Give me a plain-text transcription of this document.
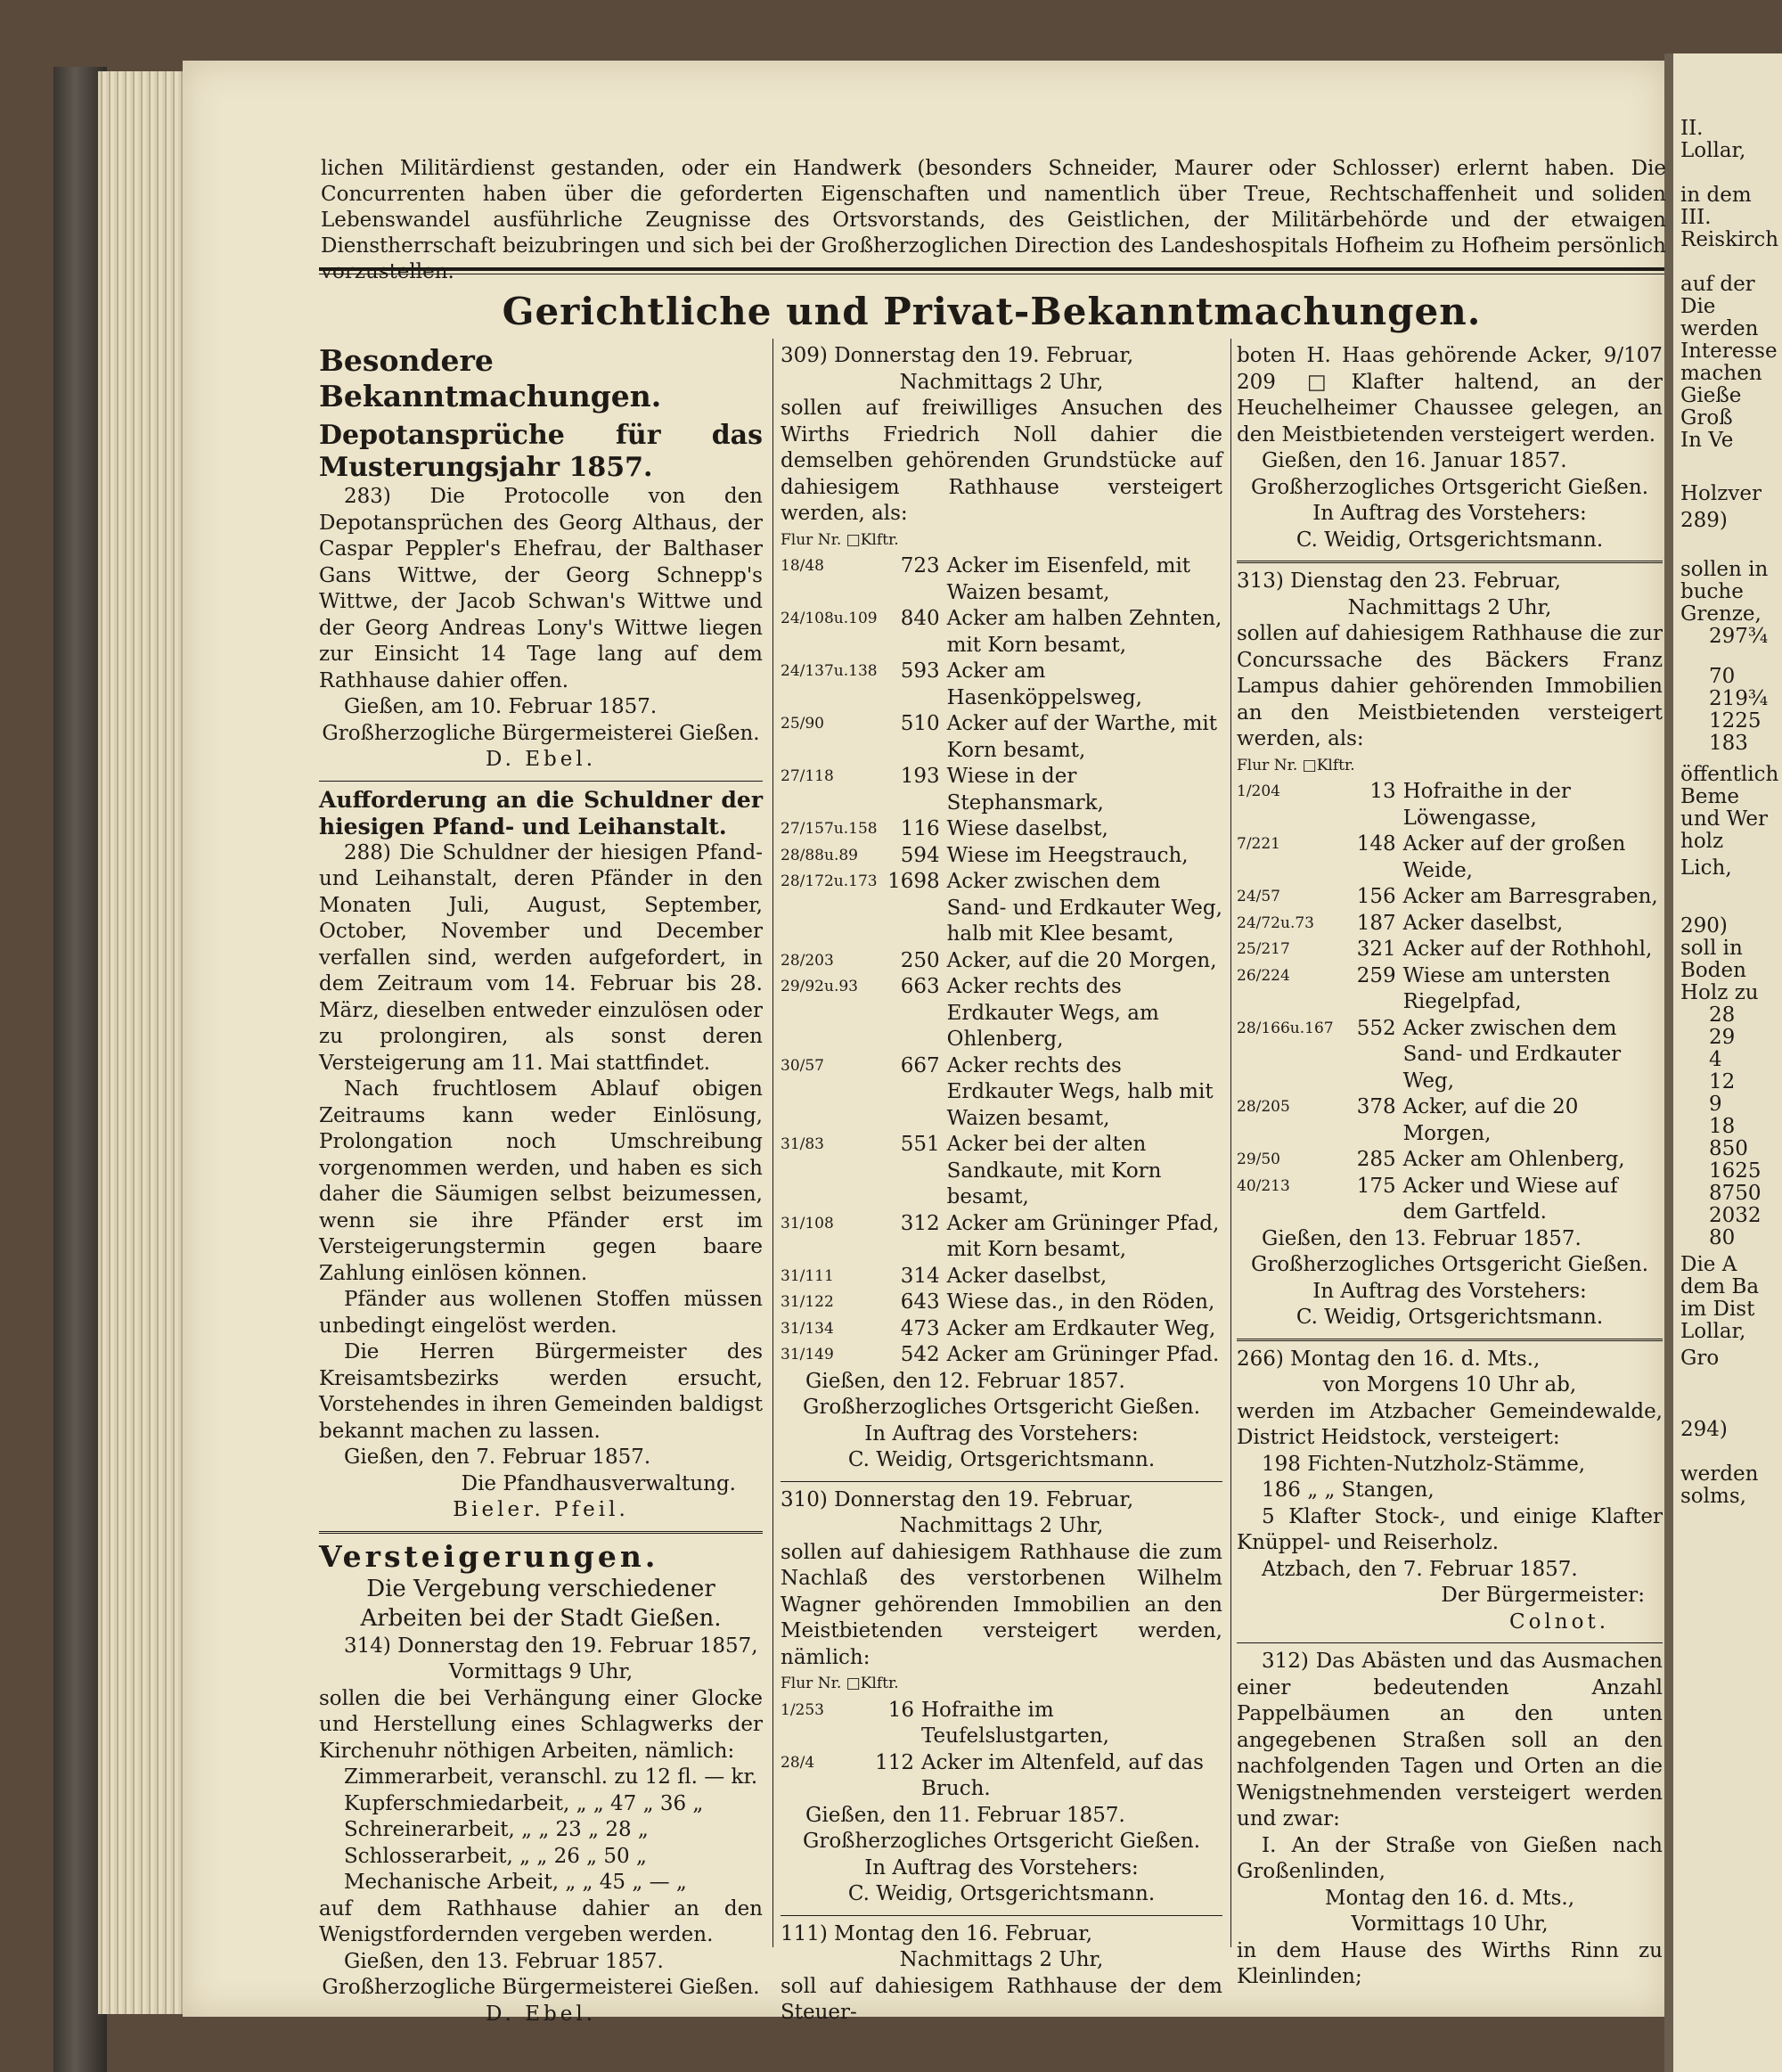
II.
Lollar,
in dem
III.
Reiskirch
auf der
Die
werden
Interesse
machen
Gieße
Groß
In Ve
Holzver
289)
sollen in
buche
Grenze,
297¾
70
219¾
1225
183
öffentlich
Beme
und Wer
holz
Lich,
290)
soll in
Boden
Holz zu
28
29
4
12
9
18
850
1625
8750
2032
80
Die A
dem Ba
im Dist
Lollar,
Gro
294)
werden
solms,
lichen Militärdienst gestanden, oder ein Handwerk (besonders Schneider, Maurer oder Schlosser) erlernt haben. Die Concurrenten haben über die geforderten Eigenschaften und namentlich über Treue, Rechtschaffenheit und soliden Lebenswandel ausführliche Zeugnisse des Ortsvorstands, des Geistlichen, der Militärbehörde und der etwaigen Dienstherrschaft beizubringen und sich bei der Großherzoglichen Direction des Landeshospitals Hofheim zu Hofheim persönlich vorzustellen.
Gerichtliche und Privat-Bekanntmachungen.

Besondere Bekanntmachungen.

Depotansprüche für das Musterungsjahr 1857.

283) Die Protocolle von den Depotansprüchen des Georg Althaus, der Caspar Peppler's Ehefrau, der Balthaser Gans Wittwe, der Georg Schnepp's Wittwe, der Jacob Schwan's Wittwe und der Georg Andreas Lony's Wittwe liegen zur Einsicht 14 Tage lang auf dem Rathhause dahier offen.

Gießen, am 10. Februar 1857.

Großherzogliche Bürgermeisterei Gießen.

D. Ebel.

Aufforderung an die Schuldner der hiesigen Pfand- und Leihanstalt.

288) Die Schuldner der hiesigen Pfand- und Leihanstalt, deren Pfänder in den Monaten Juli, August, September, October, November und December verfallen sind, werden aufgefordert, in dem Zeitraum vom 14. Februar bis 28. März, dieselben entweder einzulösen oder zu prolongiren, als sonst deren Versteigerung am 11. Mai stattfindet.

Nach fruchtlosem Ablauf obigen Zeitraums kann weder Einlösung, Prolongation noch Umschreibung vorgenommen werden, und haben es sich daher die Säumigen selbst beizumessen, wenn sie ihre Pfänder erst im Versteigerungstermin gegen baare Zahlung einlösen können.

Pfänder aus wollenen Stoffen müssen unbedingt eingelöst werden.

Die Herren Bürgermeister des Kreisamtsbezirks werden ersucht, Vorstehendes in ihren Gemeinden baldigst bekannt machen zu lassen.

Gießen, den 7. Februar 1857.

Die Pfandhausverwaltung.

Bieler. Pfeil.

Versteigerungen.

Die Vergebung verschiedener Arbeiten bei der Stadt Gießen.

314) Donnerstag den 19. Februar 1857,

Vormittags 9 Uhr,

sollen die bei Verhängung einer Glocke und Herstellung eines Schlagwerks der Kirchenuhr nöthigen Arbeiten, nämlich:

Zimmerarbeit, veranschl. zu 12 fl. — kr.

Kupferschmiedarbeit, „ „ 47 „ 36 „

Schreinerarbeit, „ „ 23 „ 28 „

Schlosserarbeit, „ „ 26 „ 50 „

Mechanische Arbeit, „ „ 45 „ — „

auf dem Rathhause dahier an den Wenigstfordernden vergeben werden.

Gießen, den 13. Februar 1857.

Großherzogliche Bürgermeisterei Gießen.

D. Ebel.

309) Donnerstag den 19. Februar,

Nachmittags 2 Uhr,

sollen auf freiwilliges Ansuchen des Wirths Friedrich Noll dahier die demselben gehörenden Grundstücke auf dahiesigem Rathhause versteigert werden, als:

Flur Nr. □Klftr.

18/48	723	Acker im Eisenfeld, mit Waizen besamt,
24/108u.109	840	Acker am halben Zehnten, mit Korn besamt,
24/137u.138	593	Acker am Hasenköppelsweg,
25/90	510	Acker auf der Warthe, mit Korn besamt,
27/118	193	Wiese in der Stephansmark,
27/157u.158	116	Wiese daselbst,
28/88u.89	594	Wiese im Heegstrauch,
28/172u.173	1698	Acker zwischen dem Sand- und Erdkauter Weg, halb mit Klee besamt,
28/203	250	Acker, auf die 20 Morgen,
29/92u.93	663	Acker rechts des Erdkauter Wegs, am Ohlenberg,
30/57	667	Acker rechts des Erdkauter Wegs, halb mit Waizen besamt,
31/83	551	Acker bei der alten Sandkaute, mit Korn besamt,
31/108	312	Acker am Grüninger Pfad, mit Korn besamt,
31/111	314	Acker daselbst,
31/122	643	Wiese das., in den Röden,
31/134	473	Acker am Erdkauter Weg,
31/149	542	Acker am Grüninger Pfad.

Gießen, den 12. Februar 1857.

Großherzogliches Ortsgericht Gießen.

In Auftrag des Vorstehers:

C. Weidig, Ortsgerichtsmann.

310) Donnerstag den 19. Februar,

Nachmittags 2 Uhr,

sollen auf dahiesigem Rathhause die zum Nachlaß des verstorbenen Wilhelm Wagner gehörenden Immobilien an den Meistbietenden versteigert werden, nämlich:

Flur Nr. □Klftr.

1/253	16	Hofraithe im Teufelslustgarten,
28/4	112	Acker im Altenfeld, auf das Bruch.

Gießen, den 11. Februar 1857.

Großherzogliches Ortsgericht Gießen.

In Auftrag des Vorstehers:

C. Weidig, Ortsgerichtsmann.

111) Montag den 16. Februar,

Nachmittags 2 Uhr,

soll auf dahiesigem Rathhause der dem Steuer-

boten H. Haas gehörende Acker, 9/107 209 □Klafter haltend, an der Heuchelheimer Chaussee gelegen, an den Meistbietenden versteigert werden.

Gießen, den 16. Januar 1857.

Großherzogliches Ortsgericht Gießen.

In Auftrag des Vorstehers:

C. Weidig, Ortsgerichtsmann.

313) Dienstag den 23. Februar,

Nachmittags 2 Uhr,

sollen auf dahiesigem Rathhause die zur Concurssache des Bäckers Franz Lampus dahier gehörenden Immobilien an den Meistbietenden versteigert werden, als:

Flur Nr. □Klftr.

1/204	13	Hofraithe in der Löwengasse,
7/221	148	Acker auf der großen Weide,
24/57	156	Acker am Barresgraben,
24/72u.73	187	Acker daselbst,
25/217	321	Acker auf der Rothhohl,
26/224	259	Wiese am untersten Riegelpfad,
28/166u.167	552	Acker zwischen dem Sand- und Erdkauter Weg,
28/205	378	Acker, auf die 20 Morgen,
29/50	285	Acker am Ohlenberg,
40/213	175	Acker und Wiese auf dem Gartfeld.

Gießen, den 13. Februar 1857.

Großherzogliches Ortsgericht Gießen.

In Auftrag des Vorstehers:

C. Weidig, Ortsgerichtsmann.

266) Montag den 16. d. Mts.,

von Morgens 10 Uhr ab,

werden im Atzbacher Gemeindewalde, District Heidstock, versteigert:

198 Fichten-Nutzholz-Stämme,

186 „ „ Stangen,

5 Klafter Stock-, und einige Klafter Knüppel- und Reiserholz.

Atzbach, den 7. Februar 1857.

Der Bürgermeister:

Colnot.

312) Das Abästen und das Ausmachen einer bedeutenden Anzahl Pappelbäumen an den unten angegebenen Straßen soll an den nachfolgenden Tagen und Orten an die Wenigstnehmenden versteigert werden und zwar:

I. An der Straße von Gießen nach Großenlinden,

Montag den 16. d. Mts.,

Vormittags 10 Uhr,

in dem Hause des Wirths Rinn zu Kleinlinden;
